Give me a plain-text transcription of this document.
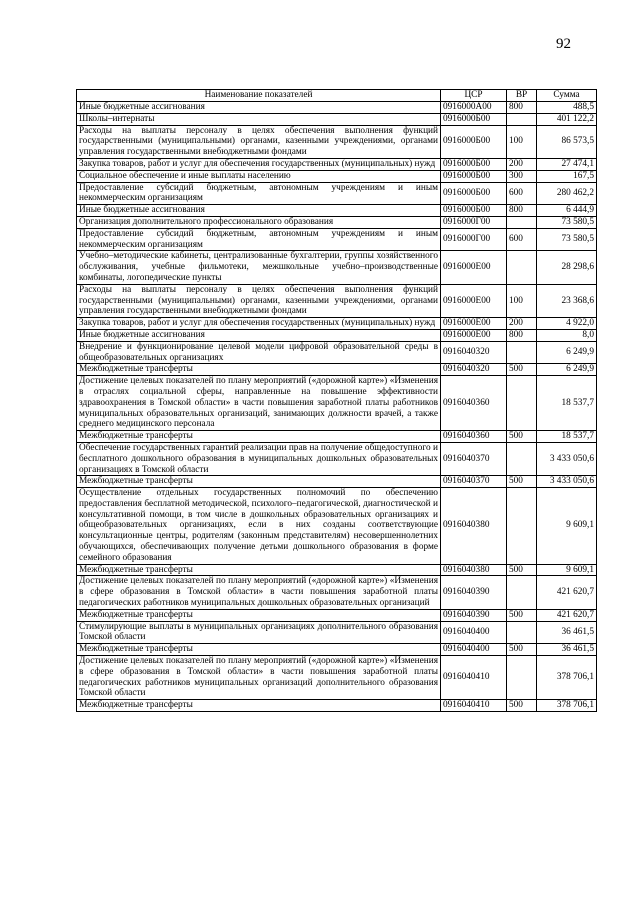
92
Наименование показателей	ЦСР	ВР	Сумма
Иные бюджетные ассигнования	0916000А00	800	488,5
Школы–интернаты	0916000Б00		401 122,2
Расходы на выплаты персоналу в целях обеспечения выполнения функций государственными (муниципальными) органами, казенными учреждениями, органами управления государственными внебюджетными фондами	0916000Б00	100	86 573,5
Закупка товаров, работ и услуг для обеспечения государственных (муниципальных) нужд	0916000Б00	200	27 474,1
Социальное обеспечение и иные выплаты населению	0916000Б00	300	167,5
Предоставление субсидий бюджетным, автономным учреждениям и иным некоммерческим организациям	0916000Б00	600	280 462,2
Иные бюджетные ассигнования	0916000Б00	800	6 444,9
Организация дополнительного профессионального образования	0916000Г00		73 580,5
Предоставление субсидий бюджетным, автономным учреждениям и иным некоммерческим организациям	0916000Г00	600	73 580,5
Учебно–методические кабинеты, централизованные бухгалтерии, группы хозяйственного обслуживания, учебные фильмотеки, межшкольные учебно–производственные комбинаты, логопедические пункты	0916000Е00		28 298,6
Расходы на выплаты персоналу в целях обеспечения выполнения функций государственными (муниципальными) органами, казенными учреждениями, органами управления государственными внебюджетными фондами	0916000Е00	100	23 368,6
Закупка товаров, работ и услуг для обеспечения государственных (муниципальных) нужд	0916000Е00	200	4 922,0
Иные бюджетные ассигнования	0916000Е00	800	8,0
Внедрение и функционирование целевой модели цифровой образовательной среды в общеобразовательных организациях	0916040320		6 249,9
Межбюджетные трансферты	0916040320	500	6 249,9
Достижение целевых показателей по плану мероприятий («дорожной карте») «Изменения в отраслях социальной сферы, направленные на повышение эффективности здравоохранения в Томской области» в части повышения заработной платы работников муниципальных образовательных организаций, занимающих должности врачей, а также среднего медицинского персонала	0916040360		18 537,7
Межбюджетные трансферты	0916040360	500	18 537,7
Обеспечение государственных гарантий реализации прав на получение общедоступного и бесплатного дошкольного образования в муниципальных дошкольных образовательных организациях в Томской области	0916040370		3 433 050,6
Межбюджетные трансферты	0916040370	500	3 433 050,6
Осуществление отдельных государственных полномочий по обеспечению предоставления бесплатной методической, психолого–педагогической, диагностической и консультативной помощи, в том числе в дошкольных образовательных организациях и общеобразовательных организациях, если в них созданы соответствующие консультационные центры, родителям (законным представителям) несовершеннолетних обучающихся, обеспечивающих получение детьми дошкольного образования в форме семейного образования	0916040380		9 609,1
Межбюджетные трансферты	0916040380	500	9 609,1
Достижение целевых показателей по плану мероприятий («дорожной карте») «Изменения в сфере образования в Томской области» в части повышения заработной платы педагогических работников муниципальных дошкольных образовательных организаций	0916040390		421 620,7
Межбюджетные трансферты	0916040390	500	421 620,7
Стимулирующие выплаты в муниципальных организациях дополнительного образования Томской области	0916040400		36 461,5
Межбюджетные трансферты	0916040400	500	36 461,5
Достижение целевых показателей по плану мероприятий («дорожной карте») «Изменения в сфере образования в Томской области» в части повышения заработной платы педагогических работников муниципальных организаций дополнительного образования Томской области	0916040410		378 706,1
Межбюджетные трансферты	0916040410	500	378 706,1
